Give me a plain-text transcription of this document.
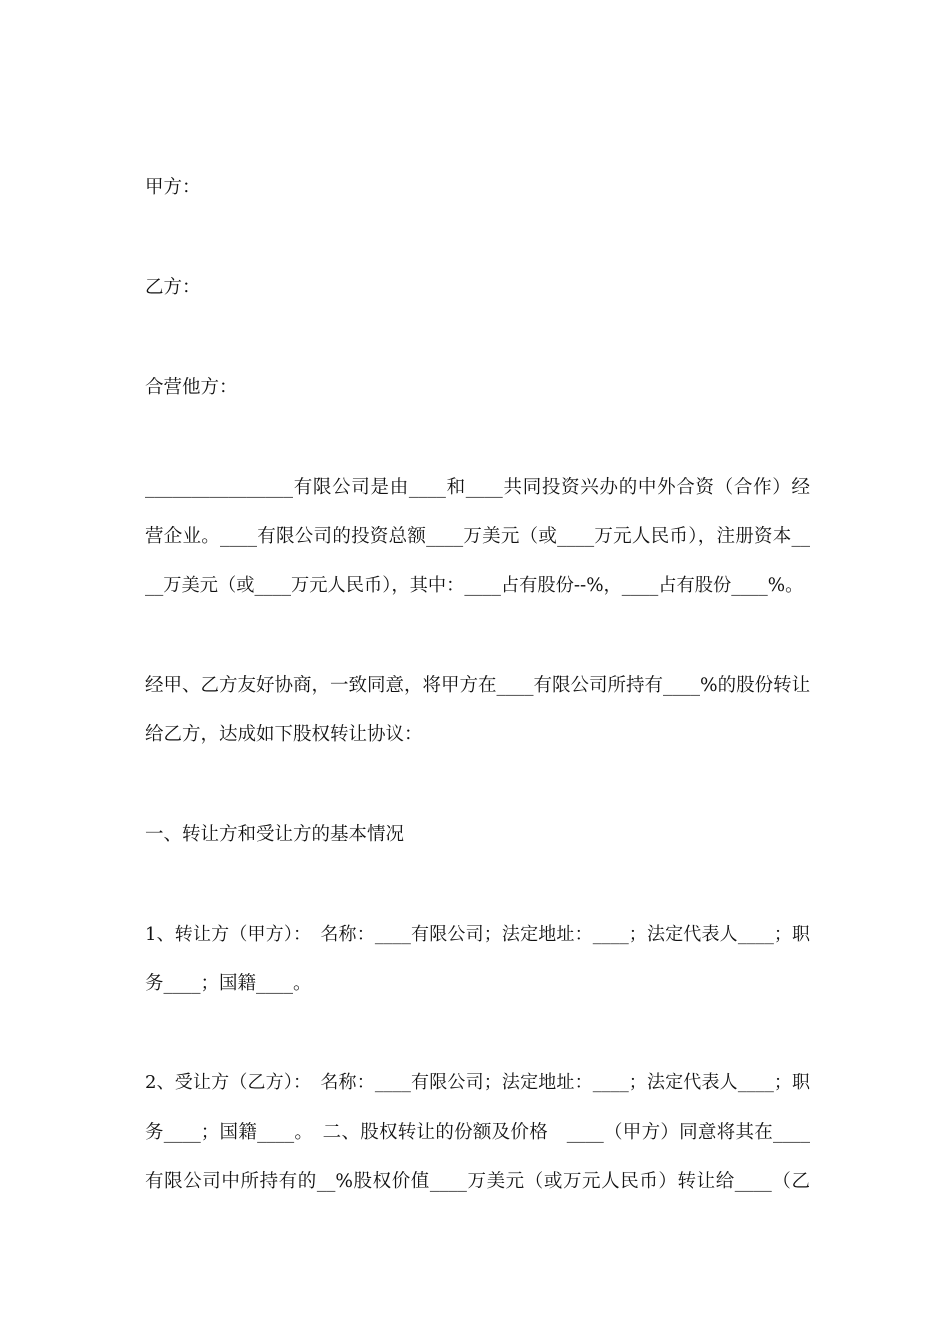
甲方：
乙方：
合营他方：
________________有限公司是由____和____共同投资兴办的中外合资（合作）经
营企业。____有限公司的投资总额____万美元（或____万元人民币），注册资本__
__万美元（或____万元人民币），其中：____占有股份--%，____占有股份____%。
经甲、乙方友好协商，一致同意，将甲方在____有限公司所持有____%的股份转让
给乙方，达成如下股权转让协议：
一、转让方和受让方的基本情况
1、转让方（甲方）：　名称：____有限公司；法定地址：____；法定代表人____；职
务____；国籍____。
2、受让方（乙方）：　名称：____有限公司；法定地址：____；法定代表人____；职
务____；国籍____。　二、股权转让的份额及价格　____（甲方）同意将其在____
有限公司中所持有的__%股权价值____万美元（或万元人民币）转让给____（乙
